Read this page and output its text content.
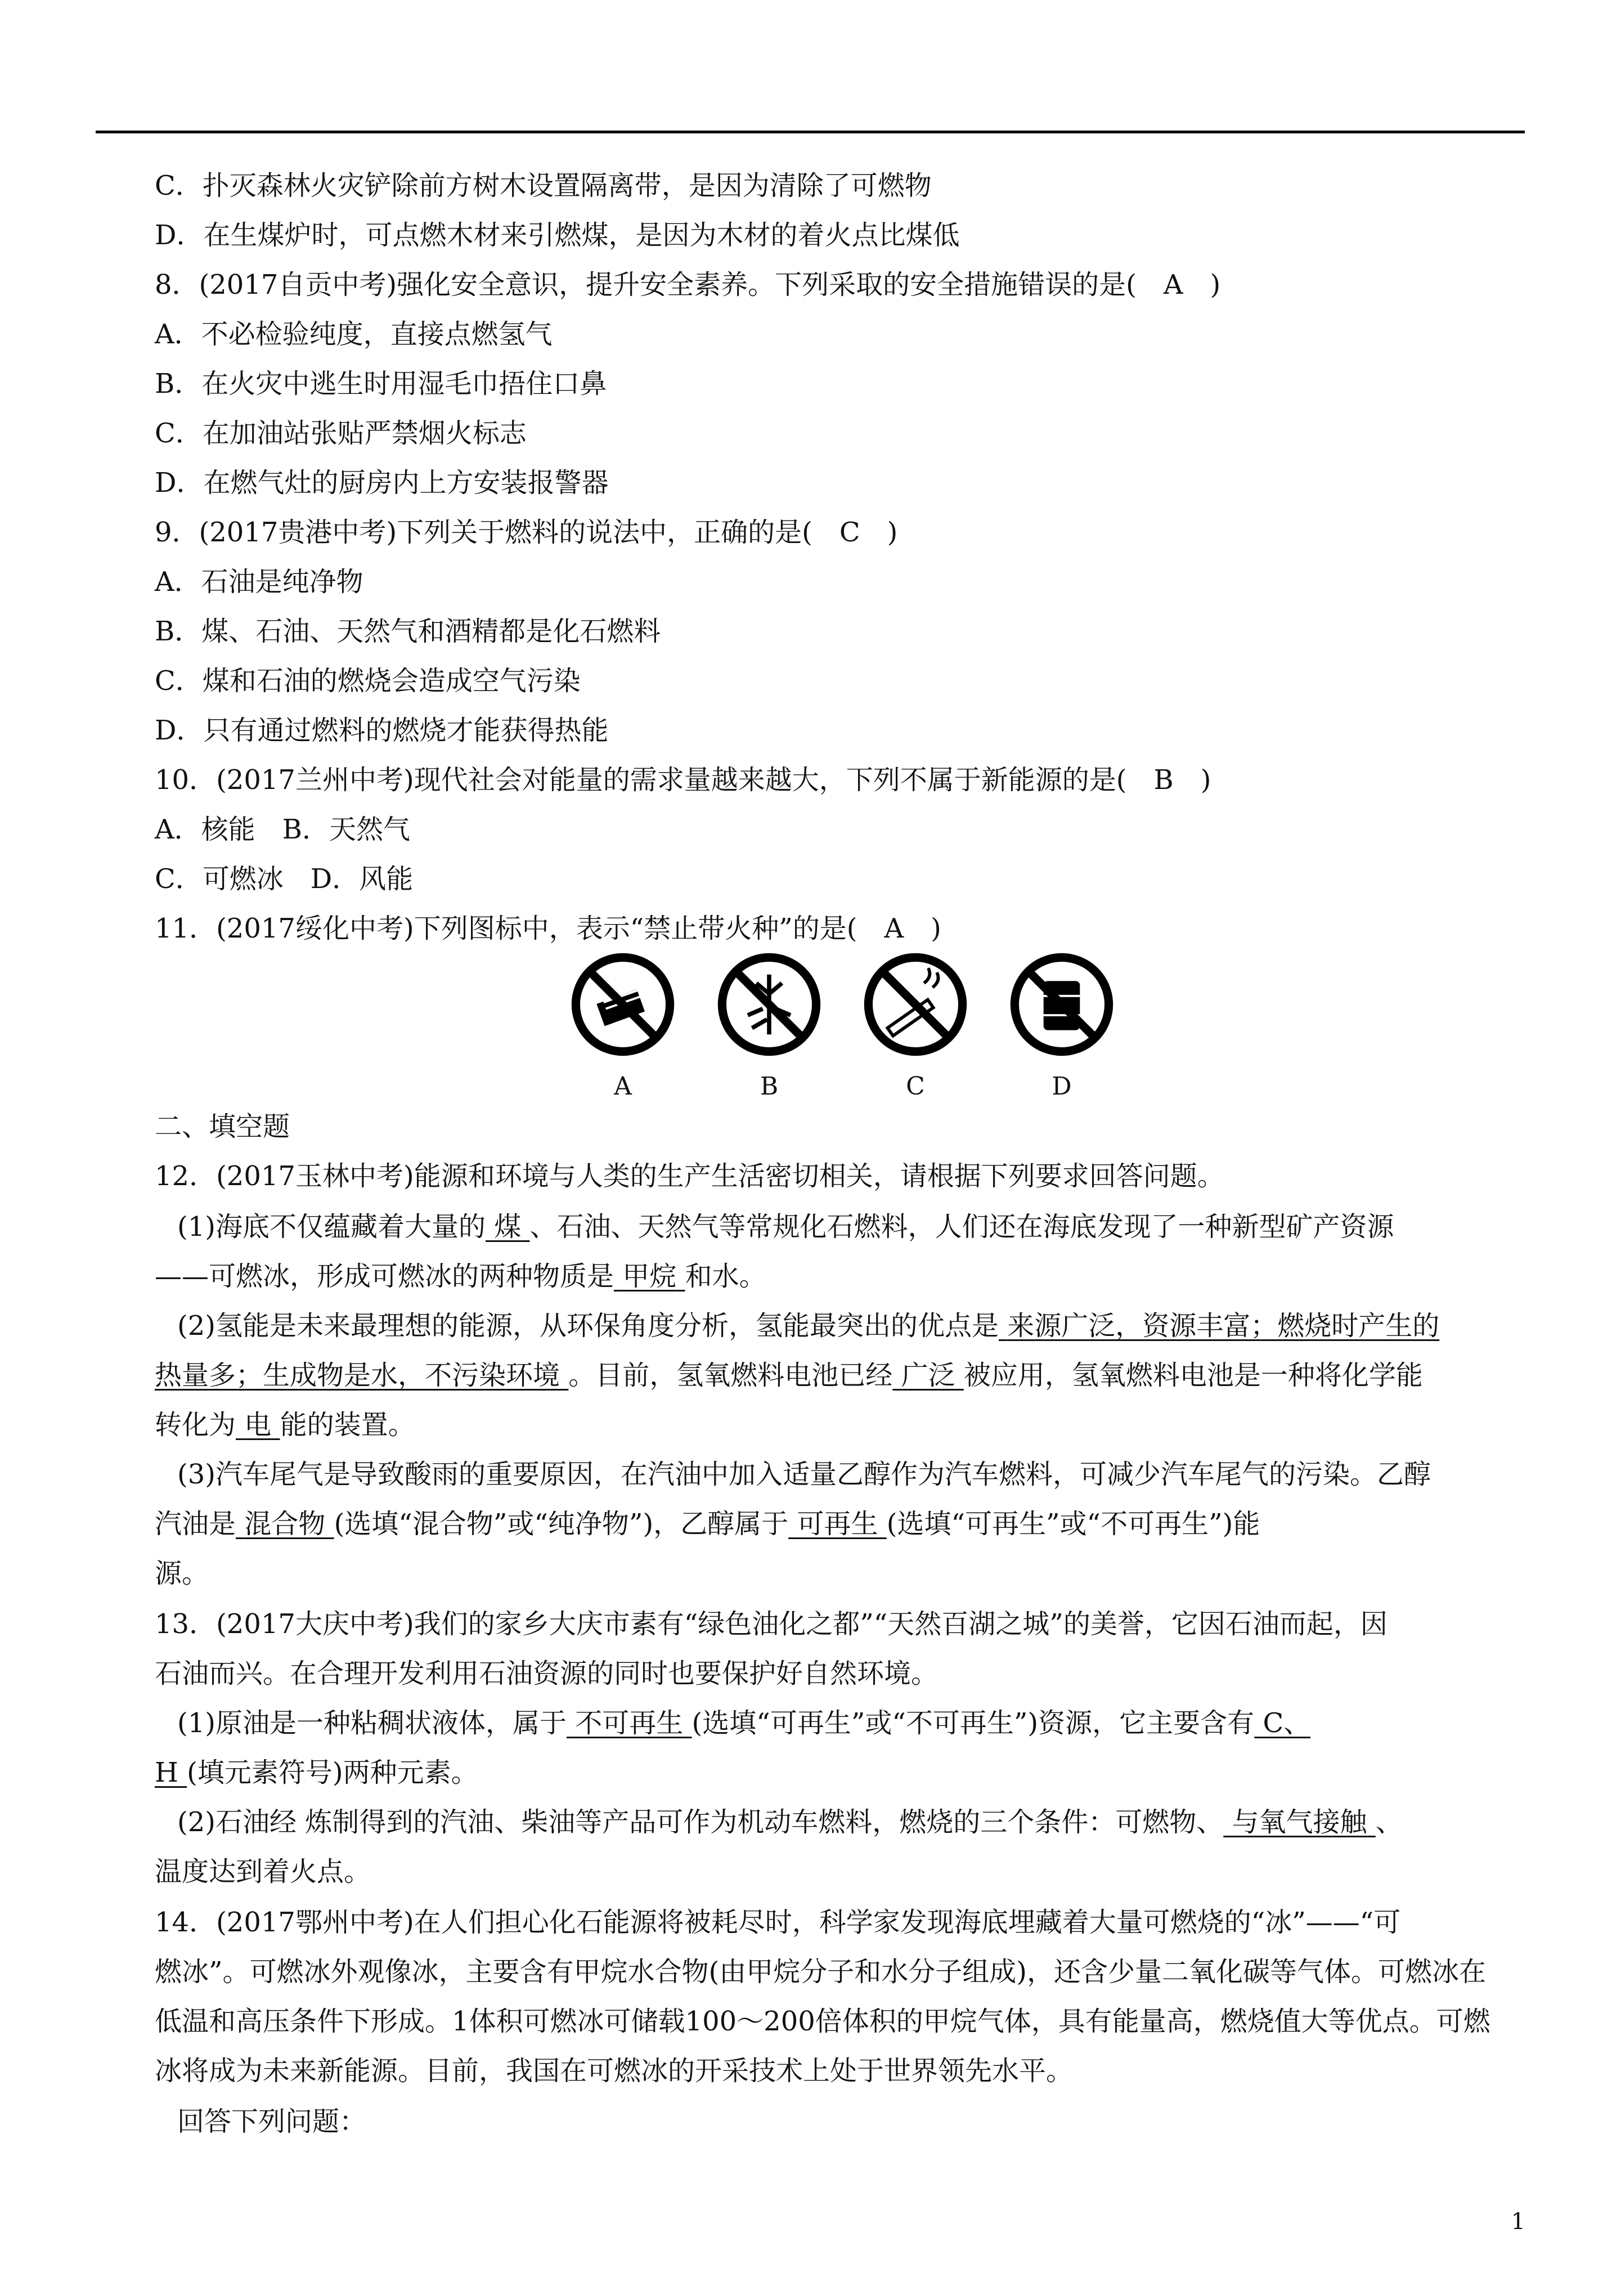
C．扑灭森林火灾铲除前方树木设置隔离带，是因为清除了可燃物
D．在生煤炉时，可点燃木材来引燃煤，是因为木材的着火点比煤低
8．(2017自贡中考)强化安全意识，提升安全素养。下列采取的安全措施错误的是(　A　)
A．不必检验纯度，直接点燃氢气
B．在火灾中逃生时用湿毛巾捂住口鼻
C．在加油站张贴严禁烟火标志
D．在燃气灶的厨房内上方安装报警器
9．(2017贵港中考)下列关于燃料的说法中，正确的是(　C　)
A．石油是纯净物
B．煤、石油、天然气和酒精都是化石燃料
C．煤和石油的燃烧会造成空气污染
D．只有通过燃料的燃烧才能获得热能
10．(2017兰州中考)现代社会对能量的需求量越来越大，下列不属于新能源的是(　B　)
A．核能　B．天然气
C．可燃冰　D．风能
11．(2017绥化中考)下列图标中，表示“禁止带火种”的是(　A　)
A	B	C	D
二、填空题
12．(2017玉林中考)能源和环境与人类的生产生活密切相关，请根据下列要求回答问题。
(1)海底不仅蕴藏着大量的 煤 、石油、天然气等常规化石燃料，人们还在海底发现了一种新型矿产资源
——可燃冰，形成可燃冰的两种物质是 甲烷 和水。
(2)氢能是未来最理想的能源，从环保角度分析，氢能最突出的优点是 来源广泛，资源丰富；燃烧时产生的
热量多；生成物是水，不污染环境 。目前，氢氧燃料电池已经 广泛 被应用，氢氧燃料电池是一种将化学能
转化为 电 能的装置。
(3)汽车尾气是导致酸雨的重要原因，在汽油中加入适量乙醇作为汽车燃料，可减少汽车尾气的污染。乙醇
汽油是 混合物 (选填“混合物”或“纯净物”)，乙醇属于 可再生 (选填“可再生”或“不可再生”)能
源。
13．(2017大庆中考)我们的家乡大庆市素有“绿色油化之都”“天然百湖之城”的美誉，它因石油而起，因
石油而兴。在合理开发利用石油资源的同时也要保护好自然环境。
(1)原油是一种粘稠状液体，属于 不可再生 (选填“可再生”或“不可再生”)资源，它主要含有 C、
H (填元素符号)两种元素。
(2)石油经 炼制得到的汽油、柴油等产品可作为机动车燃料，燃烧的三个条件：可燃物、 与氧气接触 、
温度达到着火点。
14．(2017鄂州中考)在人们担心化石能源将被耗尽时，科学家发现海底埋藏着大量可燃烧的“冰”——“可
燃冰”。可燃冰外观像冰，主要含有甲烷水合物(由甲烷分子和水分子组成)，还含少量二氧化碳等气体。可燃冰在
低温和高压条件下形成。1体积可燃冰可储载100～200倍体积的甲烷气体，具有能量高，燃烧值大等优点。可燃
冰将成为未来新能源。目前，我国在可燃冰的开采技术上处于世界领先水平。
回答下列问题：
1
